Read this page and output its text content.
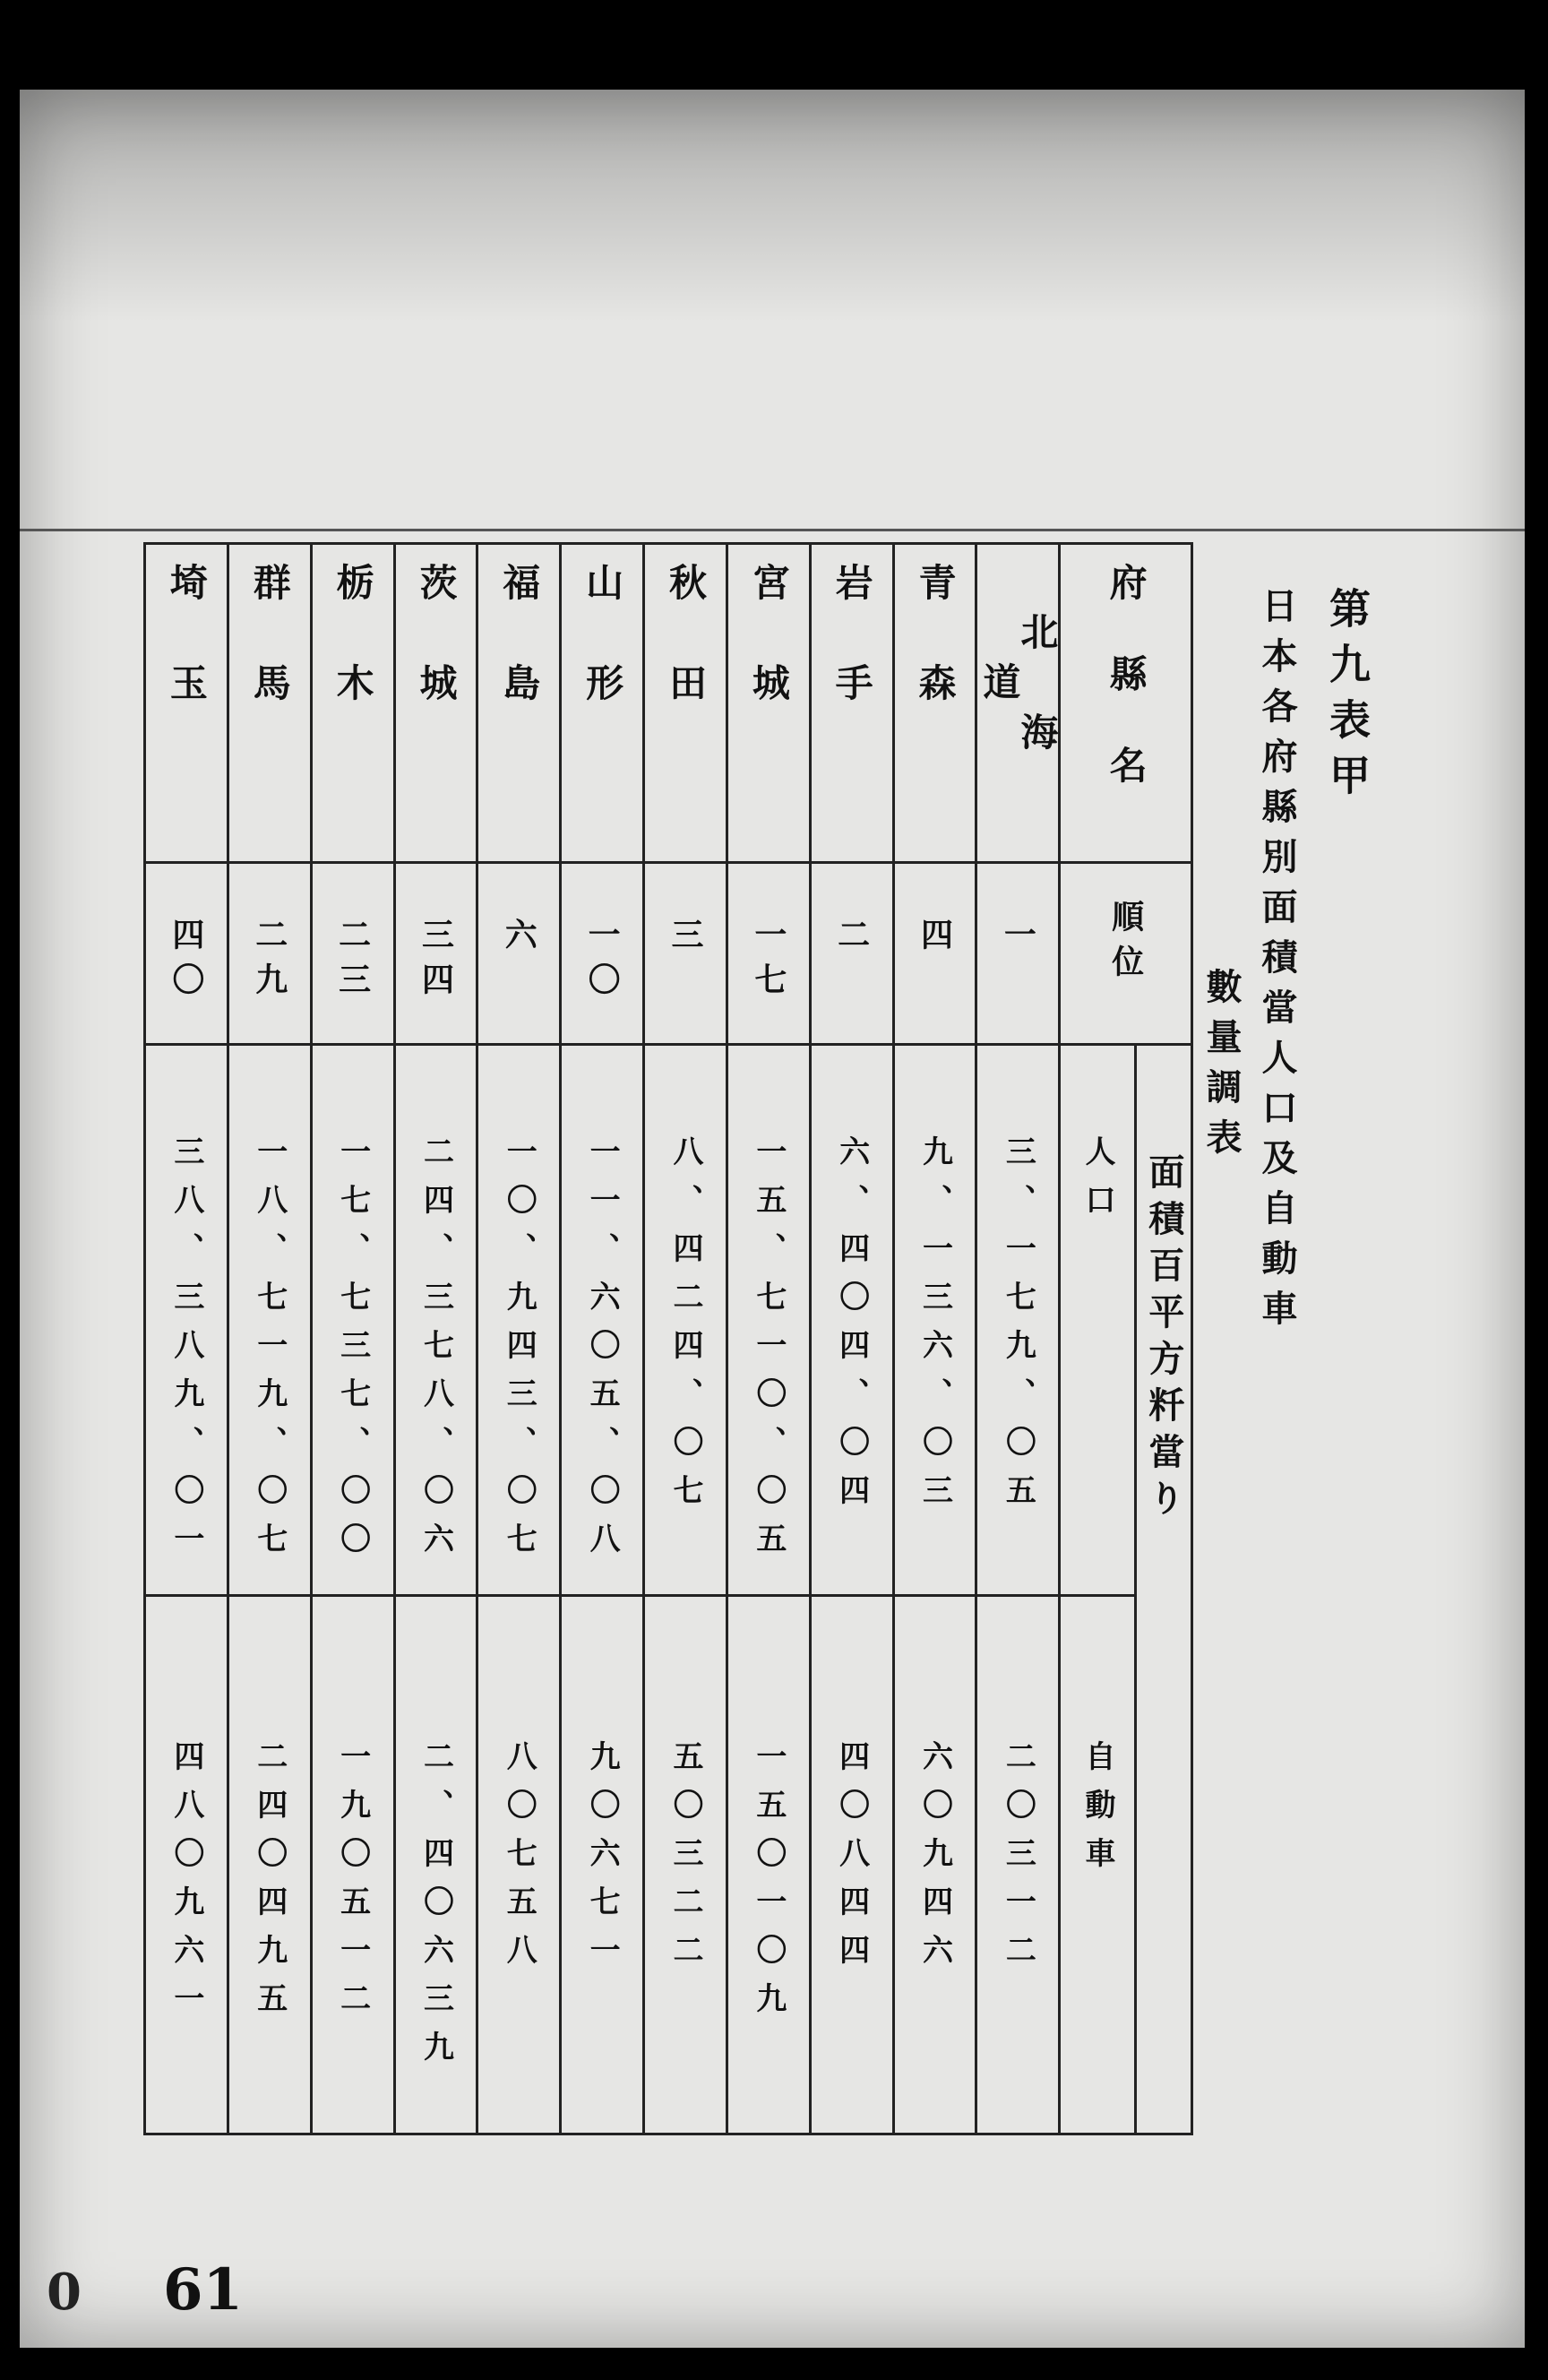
第九表甲
日本各府縣別面積當人口及自動車
數量調表
埼玉	群馬	栃木	茨城	福島	山形	秋田	宮城	岩手	青森	北海道	府縣名	
四〇	二九	二三	三四	六	一〇	三	一七	二	四	一	順位	
三八、三八九、〇一	一八、七一九、〇七	一七、七三七、〇〇	二四、三七八、〇六	一〇、九四三、〇七	一一、六〇五、〇八	八、四二四、〇七	一五、七一〇、〇五	六、四〇四、〇四	九、一三六、〇三	三、一七九、〇五	人口	面積百平方粁當り
四八〇九六一	二四〇四九五	一九〇五一二	二、四〇六三九	八〇七五八	九〇六七一	五〇三二二	一五〇一〇九	四〇八四四	六〇九四六	二〇三一二	自動車	
0 61
